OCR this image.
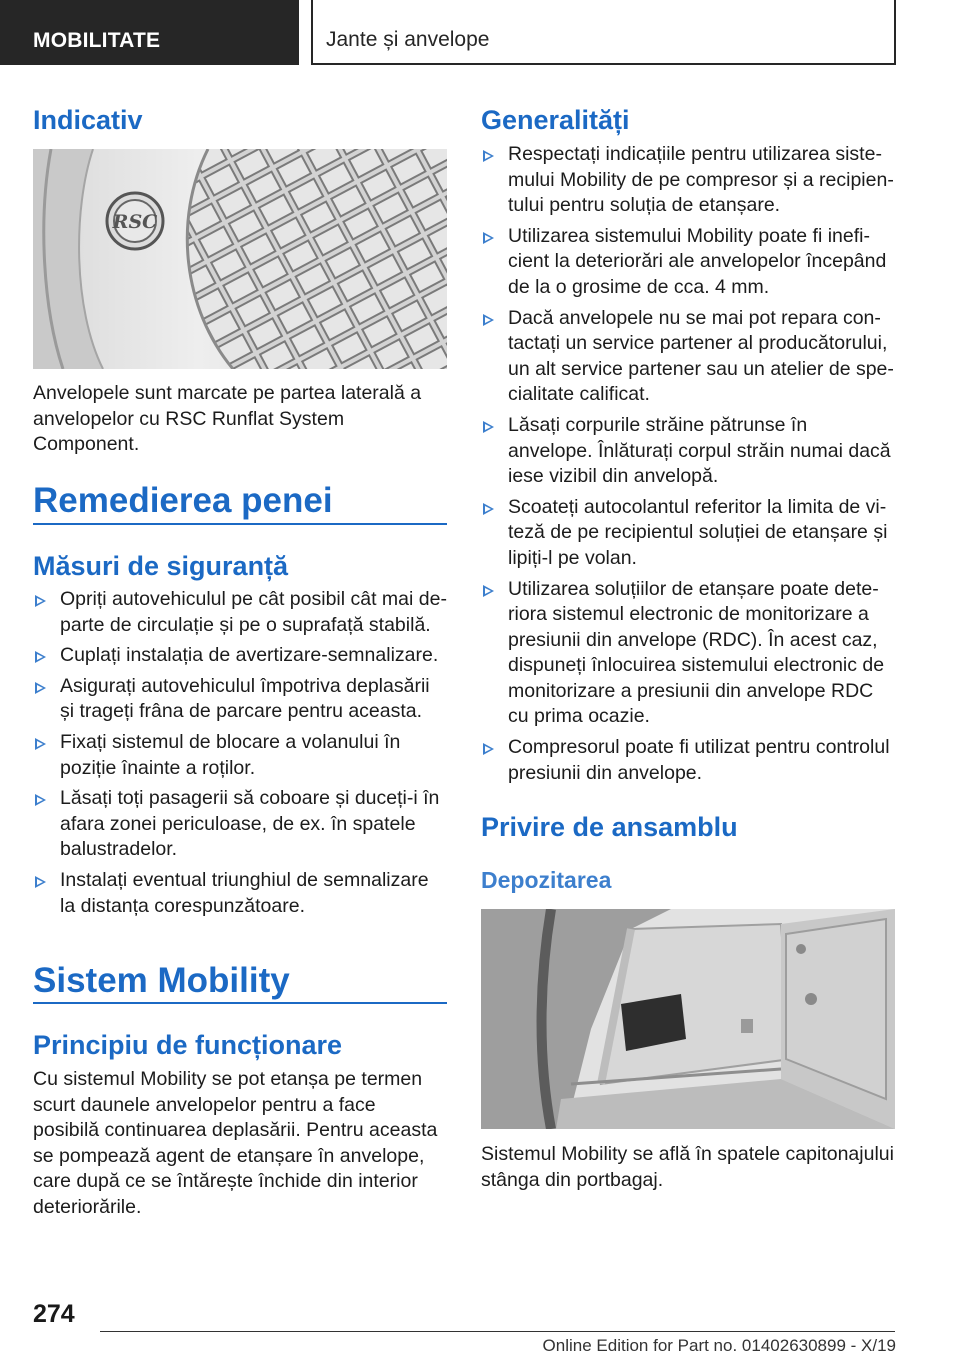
MOBILITATE	Jante și anvelope
Indicativ
RSC
Anvelopele sunt marcate pe partea laterală a anvelopelor cu RSC Runflat System Component.
Remedierea penei
Măsuri de siguranță
Opriți autovehiculul pe cât posibil cât mai departe de circulație și pe o suprafață stabilă.
Cuplați instalația de avertizare-semnalizare.
Asigurați autovehiculul împotriva deplasării și trageți frâna de parcare pentru aceasta.
Fixați sistemul de blocare a volanului în poziție înainte a roților.
Lăsați toți pasagerii să coboare și duceți-i în afara zonei periculoase, de ex. în spatele balustradelor.
Instalați eventual triunghiul de semnalizare la distanța corespunzătoare.
Sistem Mobility
Principiu de funcționare
Cu sistemul Mobility se pot etanșa pe termen scurt daunele anvelopelor pentru a face posibilă continuarea deplasării. Pentru aceasta se pompează agent de etanșare în anvelope, care după ce se întărește închide din interior deteriorările.
Generalități
Respectați indicațiile pentru utilizarea sistemului Mobility de pe compresor și a recipientului pentru soluția de etanșare.
Utilizarea sistemului Mobility poate fi ineficient la deteriorări ale anvelopelor începând de la o grosime de cca. 4 mm.
Dacă anvelopele nu se mai pot repara contactați un service partener al producătorului, un alt service partener sau un atelier de specialitate calificat.
Lăsați corpurile străine pătrunse în anvelope. Înlăturați corpul străin numai dacă iese vizibil din anvelopă.
Scoateți autocolantul referitor la limita de viteză de pe recipientul soluției de etanșare și lipiți-l pe volan.
Utilizarea soluțiilor de etanșare poate deteriora sistemul electronic de monitorizare a presiunii din anvelope (RDC). În acest caz, dispuneți înlocuirea sistemului electronic de monitorizare a presiunii din anvelope RDC cu prima ocazie.
Compresorul poate fi utilizat pentru controlul presiunii din anvelope.
Privire de ansamblu
Depozitarea
Sistemul Mobility se află în spatele capitonajului stânga din portbagaj.
274
Online Edition for Part no. 01402630899 - X/19
